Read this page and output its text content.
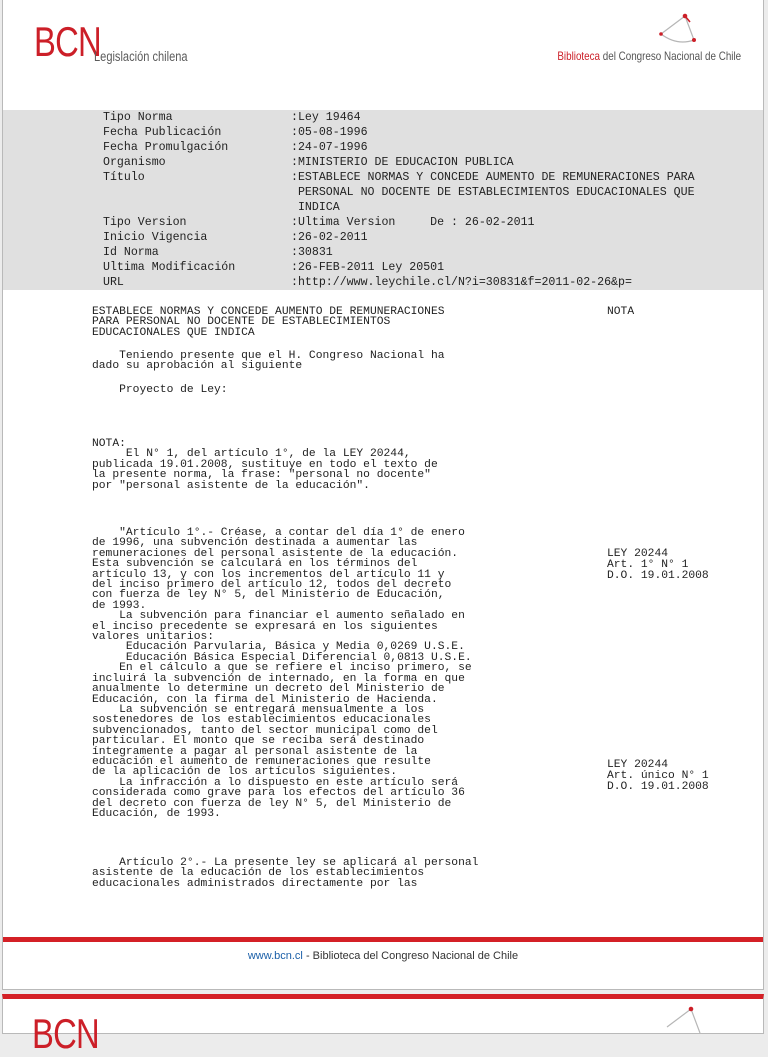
BCN
Legislación chilena	Biblioteca del Congreso Nacional de Chile
Tipo Norma	:Ley 19464
Fecha Publicación	:05-08-1996
Fecha Promulgación	:24-07-1996
Organismo	:MINISTERIO DE EDUCACION PUBLICA
Título	:ESTABLECE NORMAS Y CONCEDE AUMENTO DE REMUNERACIONES PARA
PERSONAL NO DOCENTE DE ESTABLECIMIENTOS EDUCACIONALES QUE
INDICA
Tipo Version	:Ultima Version     De : 26-02-2011
Inicio Vigencia	:26-02-2011
Id Norma	:30831
Ultima Modificación	:26-FEB-2011 Ley 20501
URL	:http://www.leychile.cl/N?i=30831&f=2011-02-26&p=
ESTABLECE NORMAS Y CONCEDE AUMENTO DE REMUNERACIONES
PARA PERSONAL NO DOCENTE DE ESTABLECIMIENTOS
EDUCACIONALES QUE INDICA
NOTA
Teniendo presente que el H. Congreso Nacional ha
dado su aprobación al siguiente
Proyecto de Ley:
NOTA:
El N° 1, del artículo 1°, de la LEY 20244,
publicada 19.01.2008, sustituye en todo el texto de
la presente norma, la frase: "personal no docente"
por "personal asistente de la educación".
"Artículo 1°.- Créase, a contar del día 1° de enero
de 1996, una subvención destinada a aumentar las
remuneraciones del personal asistente de la educación.
Esta subvención se calculará en los términos del
artículo 13, y con los incrementos del artículo 11 y
del inciso primero del artículo 12, todos del decreto
con fuerza de ley N° 5, del Ministerio de Educación,
de 1993.
La subvención para financiar el aumento señalado en
el inciso precedente se expresará en los siguientes
valores unitarios:
Educación Parvularia, Básica y Media 0,0269 U.S.E.
Educación Básica Especial Diferencial 0,0813 U.S.E.
En el cálculo a que se refiere el inciso primero, se
incluirá la subvención de internado, en la forma en que
anualmente lo determine un decreto del Ministerio de
Educación, con la firma del Ministerio de Hacienda.
La subvención se entregará mensualmente a los
sostenedores de los establecimientos educacionales
subvencionados, tanto del sector municipal como del
particular. El monto que se reciba será destinado
íntegramente a pagar al personal asistente de la
educación el aumento de remuneraciones que resulte
de la aplicación de los artículos siguientes.
La infracción a lo dispuesto en este artículo será
considerada como grave para los efectos del artículo 36
del decreto con fuerza de ley N° 5, del Ministerio de
Educación, de 1993.
LEY 20244
Art. 1° N° 1
D.O. 19.01.2008
LEY 20244
Art. único N° 1
D.O. 19.01.2008
Artículo 2°.- La presente ley se aplicará al personal
asistente de la educación de los establecimientos
educacionales administrados directamente por las
www.bcn.cl - Biblioteca del Congreso Nacional de Chile
BCN
